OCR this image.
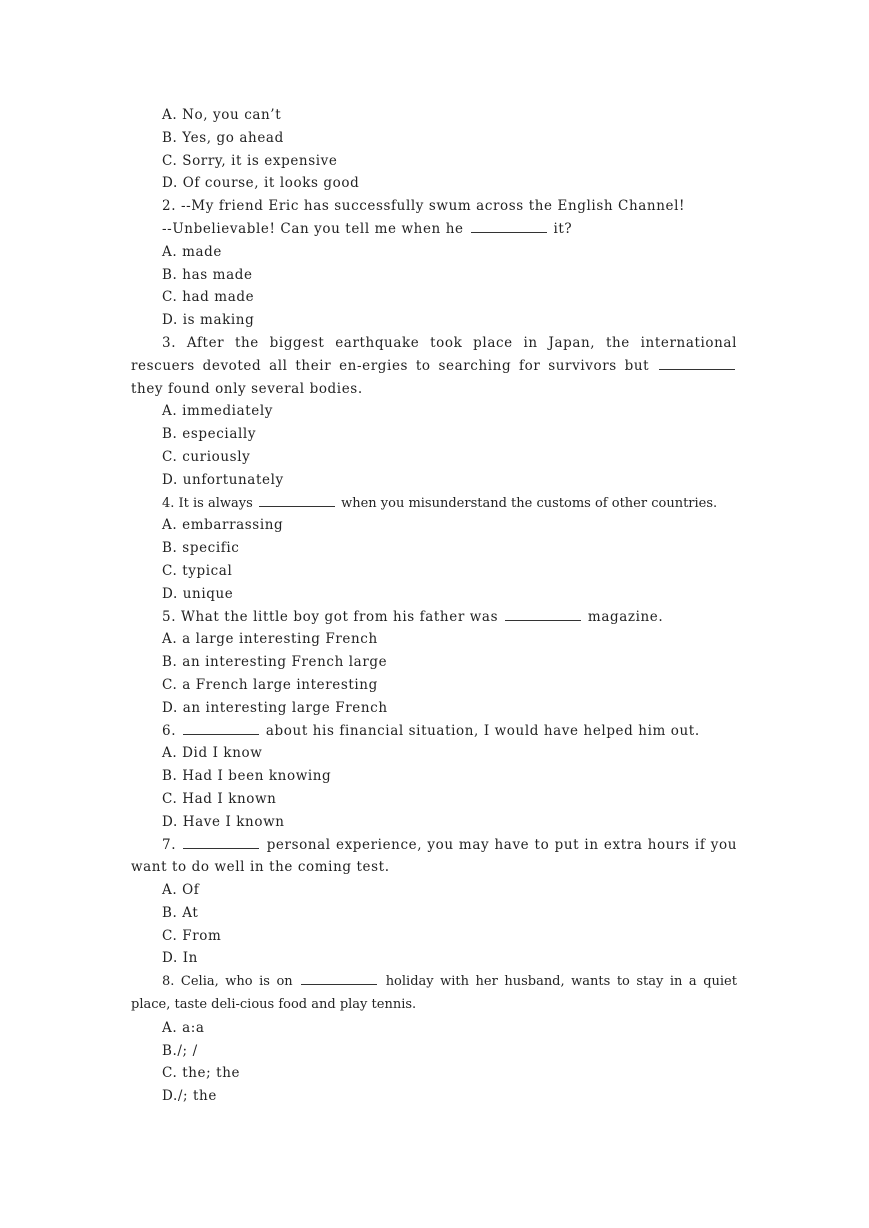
A. No, you can’t
B. Yes, go ahead
C. Sorry, it is expensive
D. Of course, it looks good
2. --My friend Eric has successfully swum across the English Channel!
--Unbelievable! Can you tell me when he	it?
A. made
B. has made
C. had made
D. is making
3. After the biggest earthquake took place in Japan, the international rescuers devoted all their en-ergies to searching for survivors but  they found only several bodies.
A. immediately
B. especially
C. curiously
D. unfortunately
4. It is always	when you misunderstand the customs of other countries.
A. embarrassing
B. specific
C. typical
D. unique
5. What the little boy got from his father was	magazine.
A. a large interesting French
B. an interesting French large
C. a French large interesting
D. an interesting large French
6.	about his financial situation, I would have helped him out.
A. Did I know
B. Had I been knowing
C. Had I known
D. Have I known
7.	personal experience, you may have to put in extra hours if you want to do well in the coming test.
A. Of
B. At
C. From
D. In
8. Celia, who is on	holiday with her husband, wants to stay in a quiet place, taste deli-cious food and play tennis.
A. a:a
B./; /
C. the; the
D./; the
